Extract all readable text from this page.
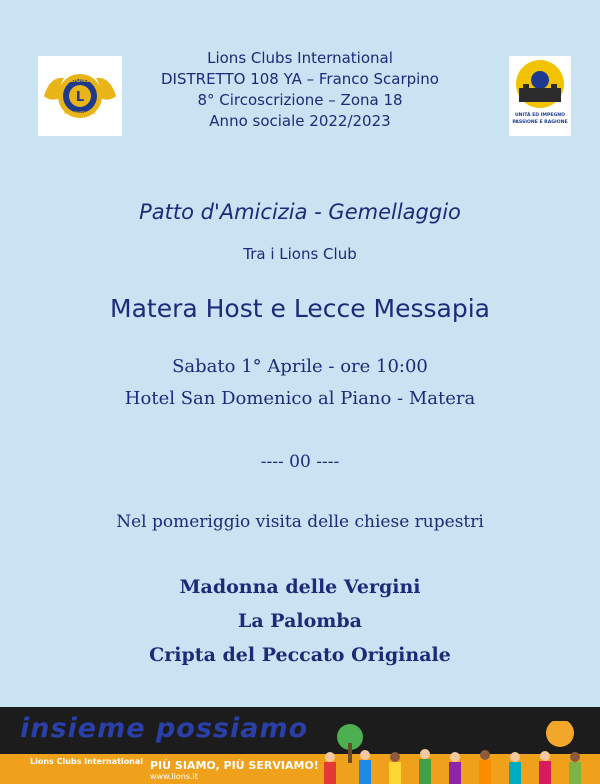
Lions Clubs International
DISTRETTO 108 YA – Franco Scarpino
8° Circoscrizione – Zona 18
Anno sociale 2022/2023
L
LIONS
INTERNATIONAL	UNITÀ ED IMPEGNO
PASSIONE E RAGIONE
Patto d'Amicizia - Gemellaggio
Tra i Lions Club
Matera Host e Lecce Messapia
Sabato 1° Aprile - ore 10:00
Hotel San Domenico al Piano - Matera
---- 00 ----
Nel pomeriggio visita delle chiese rupestri
Madonna delle Vergini
La Palomba
Cripta del Peccato Originale
insieme possiamo
Lions Clubs International PIÙ SIAMO, PIÙ SERVIAMO!
www.lions.it
